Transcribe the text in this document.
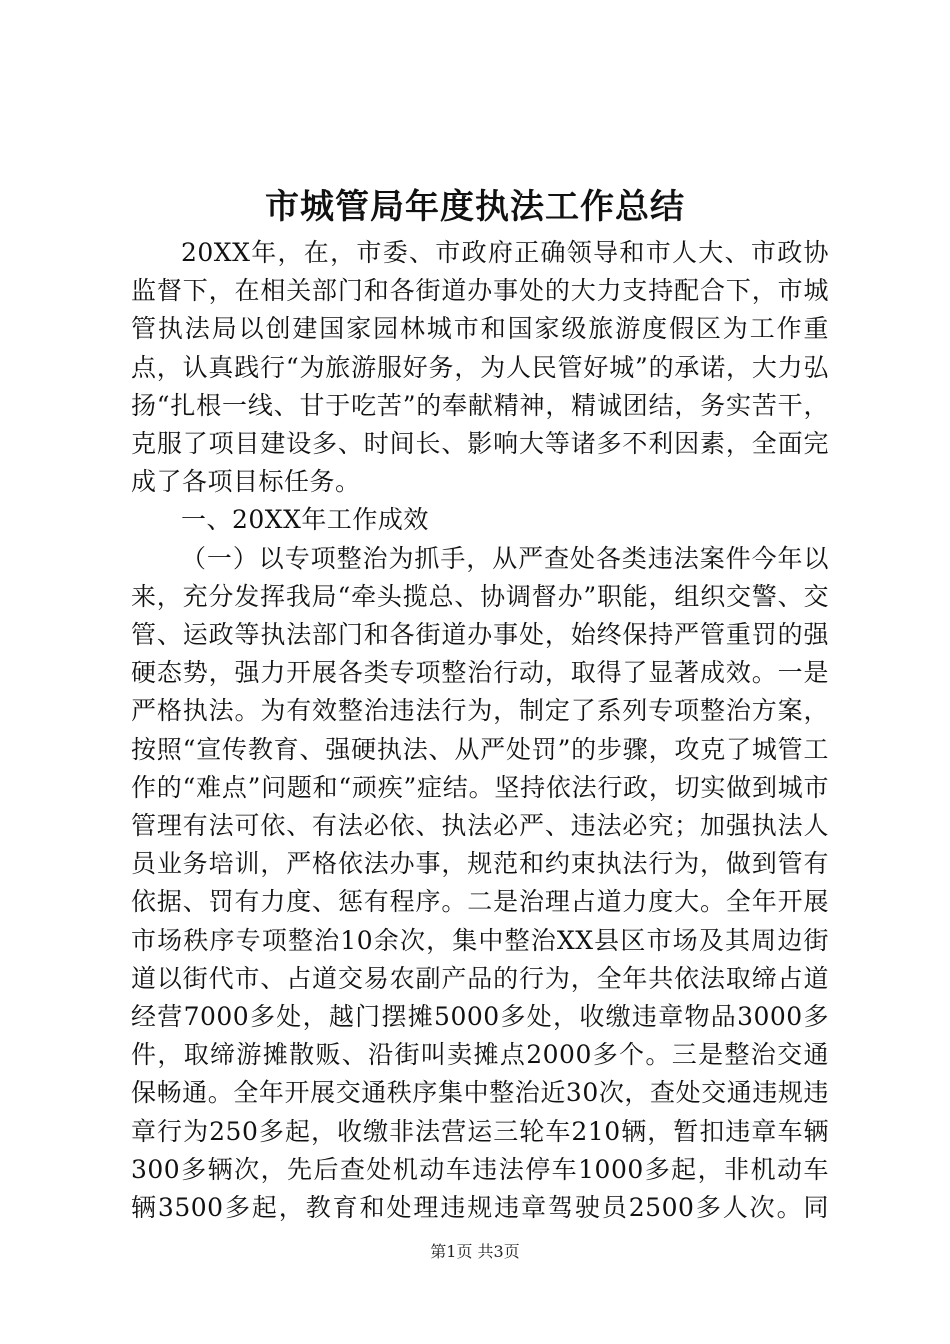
市城管局年度执法工作总结

20XX年，在，市委、市政府正确领导和市人大、市政协监督下，在相关部门和各街道办事处的大力支持配合下，市城管执法局以创建国家园林城市和国家级旅游度假区为工作重点，认真践行“为旅游服好务，为人民管好城”的承诺，大力弘扬“扎根一线、甘于吃苦”的奉献精神，精诚团结，务实苦干，克服了项目建设多、时间长、影响大等诸多不利因素，全面完成了各项目标任务。

一、20XX年工作成效

（一）以专项整治为抓手，从严查处各类违法案件今年以来，充分发挥我局“牵头揽总、协调督办”职能，组织交警、交管、运政等执法部门和各街道办事处，始终保持严管重罚的强硬态势，强力开展各类专项整治行动，取得了显著成效。一是严格执法。为有效整治违法行为，制定了系列专项整治方案，按照“宣传教育、强硬执法、从严处罚”的步骤，攻克了城管工作的“难点”问题和“顽疾”症结。坚持依法行政，切实做到城市管理有法可依、有法必依、执法必严、违法必究；加强执法人员业务培训，严格依法办事，规范和约束执法行为，做到管有依据、罚有力度、惩有程序。二是治理占道力度大。全年开展市场秩序专项整治10余次，集中整治XX县区市场及其周边街道以街代市、占道交易农副产品的行为，全年共依法取缔占道经营7000多处，越门摆摊5000多处，收缴违章物品3000多件，取缔游摊散贩、沿街叫卖摊点2000多个。三是整治交通保畅通。全年开展交通秩序集中整治近30次，查处交通违规违章行为250多起，收缴非法营运三轮车210辆，暂扣违章车辆300多辆次，先后查处机动车违法停车1000多起，非机动车辆3500多起，教育和处理违规违章驾驶员2500多人次。同

第1页 共3页
